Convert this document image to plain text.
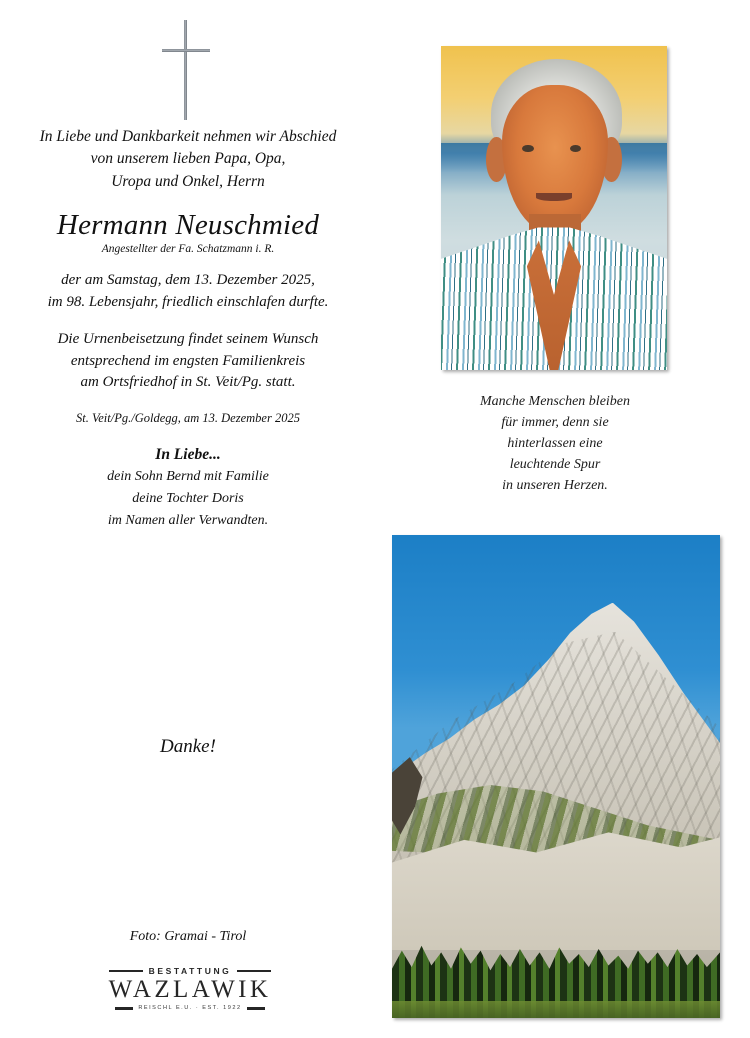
In Liebe und Dankbarkeit nehmen wir Abschied
von unserem lieben Papa, Opa,
Uropa und Onkel, Herrn
Hermann Neuschmied
Angestellter der Fa. Schatzmann i. R.
der am Samstag, dem 13. Dezember 2025,
im 98. Lebensjahr, friedlich einschlafen durfte.
Die Urnenbeisetzung findet seinem Wunsch
entsprechend im engsten Familienkreis
am Ortsfriedhof in St. Veit/Pg. statt.
St. Veit/Pg./Goldegg, am 13. Dezember 2025
In Liebe...
dein Sohn Bernd mit Familie
deine Tochter Doris
im Namen aller Verwandten.
Manche Menschen bleiben
für immer, denn sie
hinterlassen eine
leuchtende Spur
in unseren Herzen.
Danke!
Foto: Gramai - Tirol
BESTATTUNG
WAZLAWIK
REISCHL E.U. · EST. 1922
